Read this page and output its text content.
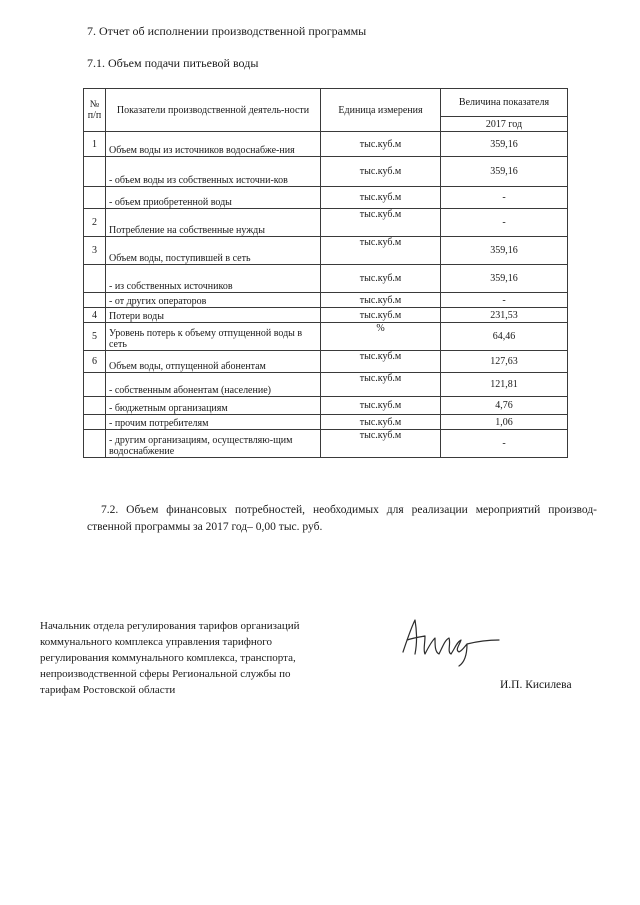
7. Отчет об исполнении производственной программы
7.1. Объем подачи питьевой воды
№ п/п	Показатели производственной деятель-ности	Единица измерения	Величина показателя
			2017 год
1	Объем воды из источников водоснабже-ния	тыс.куб.м	359,16
	- объем воды из собственных источни-ков	тыс.куб.м	359,16
	- объем приобретенной воды	тыс.куб.м	-
2	Потребление на собственные нужды	тыс.куб.м	-
3	Объем воды, поступившей в сеть	тыс.куб.м	359,16
	- из собственных источников	тыс.куб.м	359,16
	- от других операторов	тыс.куб.м	-
4	Потери воды	тыс.куб.м	231,53
5	Уровень потерь к объему отпущенной воды в сеть	%	64,46
6	Объем воды, отпущенной абонентам	тыс.куб.м	127,63
	- собственным абонентам (население)	тыс.куб.м	121,81
	- бюджетным организациям	тыс.куб.м	4,76
	- прочим потребителям	тыс.куб.м	1,06
	- другим организациям, осуществляю-щим водоснабжение	тыс.куб.м	-
7.2. Объем финансовых потребностей, необходимых для реализации мероприятий производ-ственной программы за 2017 год– 0,00 тыс. руб.
Начальник отдела регулирования тарифов организаций
коммунального комплекса управления тарифного
регулирования коммунального комплекса, транспорта,
непроизводственной сферы Региональной службы по
тарифам Ростовской области	И.П. Кисилева
